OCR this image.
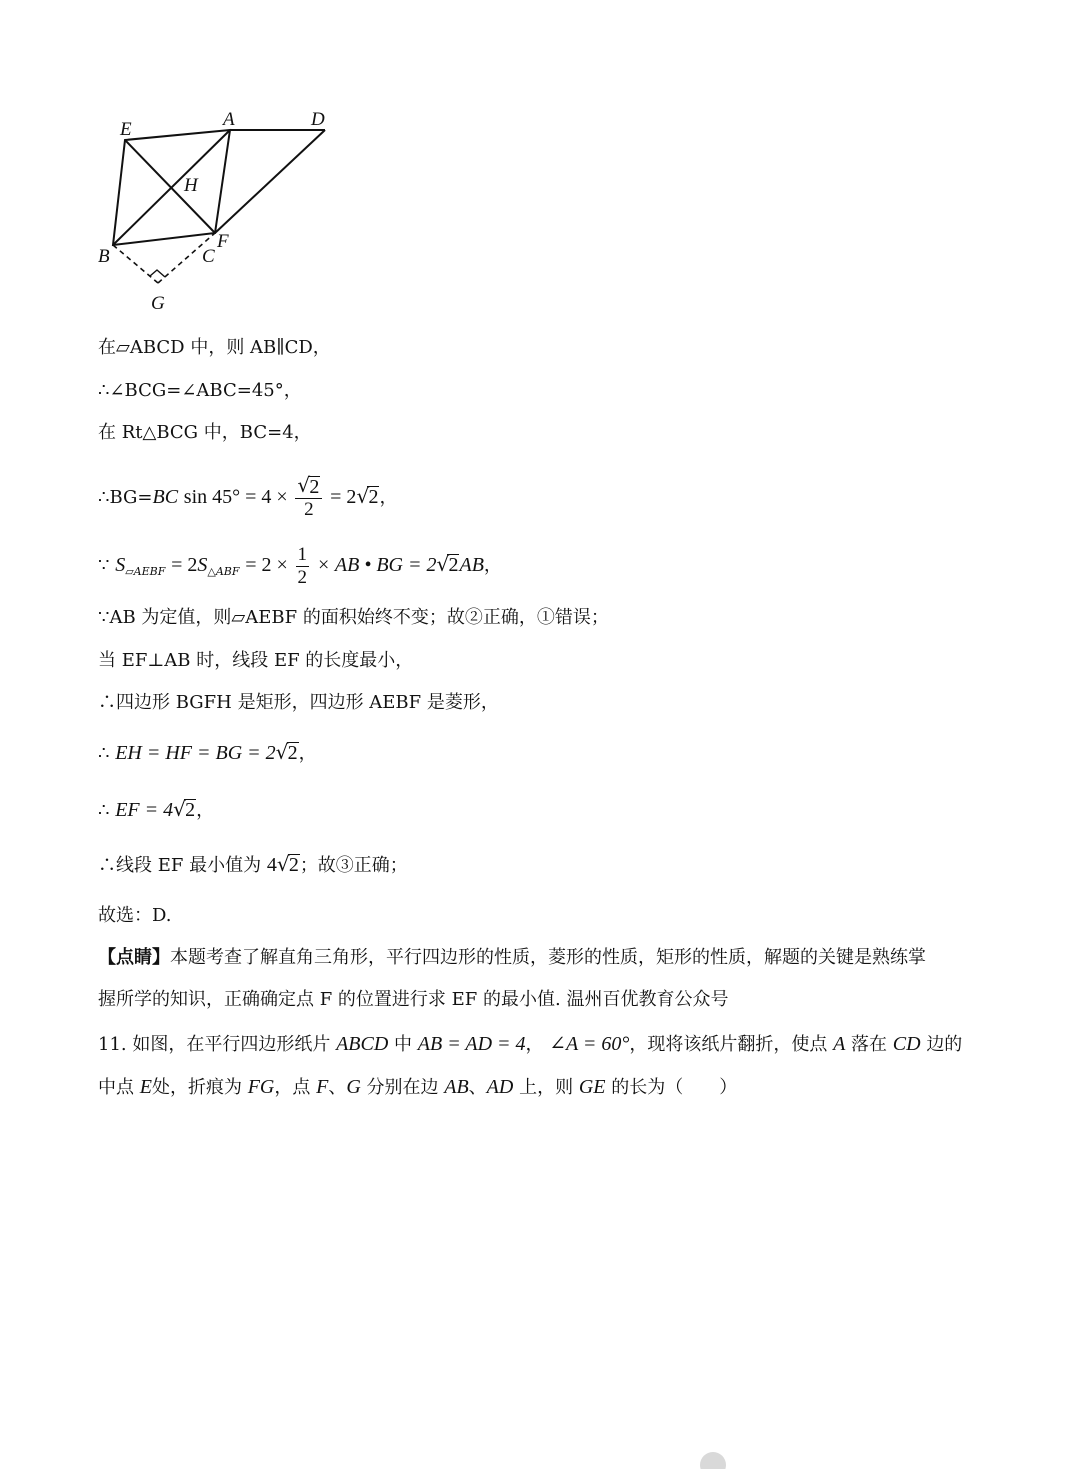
E	A	D
H
B	C
F
G
在▱ABCD 中，则 AB∥CD，
∴∠BCG=∠ABC=45°，
在 Rt△BCG 中，BC=4，
∴BG=BC $\sin 45^\circ = 4 \times \frac{√ 2}{2} = 2$ √ 2，
∵ $S_{▱AEBF} = 2S_{\triangle ABF} = 2 \times \frac{1}{2}$ × AB • BG = 2 √ 2AB，
∵AB 为定值，则▱AEBF 的面积始终不变；故②正确，①错误；
当 EF⊥AB 时，线段 EF 的长度最小，
∴四边形 BGFH 是矩形，四边形 AEBF 是菱形，
∴ EH = HF = BG = 2 √ 2，
∴ EF = 4 √ 2，
∴线段 EF 最小值为 4 √ 2；故③正确；
故选：D.
【点睛】本题考查了解直角三角形，平行四边形的性质，菱形的性质，矩形的性质，解题的关键是熟练掌
握所学的知识，正确确定点 F 的位置进行求 EF 的最小值. 温州百优教育公众号
11. 如图，在平行四边形纸片 ABCD 中 AB = AD = 4， ∠A = 60°，现将该纸片翻折，使点 A 落在 CD 边的
中点 E处，折痕为 FG，点 F、G 分别在边 AB、AD 上，则 GE 的长为（　　）
